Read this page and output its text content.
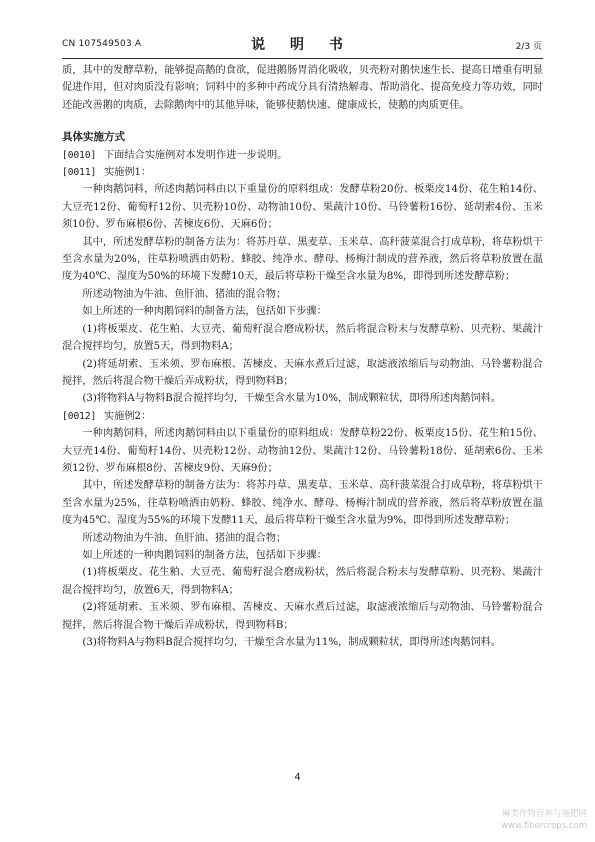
CN 107549503 A	说 明 书	2/3 页

质，其中的发酵草粉，能够提高鹅的食欲，促进鹅肠胃消化吸收，贝壳粉对鹅快速生长、提高日增重有明显促进作用，但对肉质没有影响；饲料中的多种中药成分具有清热解毒、帮助消化、提高免疫力等功效，同时还能改善鹅的肉质，去除鹅肉中的其他异味，能够使鹅快速、健康成长，使鹅的肉质更佳。

具体实施方式

[0010] 下面结合实施例对本发明作进一步说明。
[0011] 实施例1：

一种肉鹅饲料，所述肉鹅饲料由以下重量份的原料组成：发酵草粉20份、板栗皮14份、花生粕14份、大豆壳12份、葡萄籽12份、贝壳粉10份、动物油10份、果蔬汁10份、马铃薯粉16份、延胡索4份、玉米须10份、罗布麻根6份、苦楝皮6份、天麻6份；

其中，所述发酵草粉的制备方法为：将苏丹草、黑麦草、玉米草、高秆菠菜混合打成草粉，将草粉烘干至含水量为20%，往草粉喷洒由奶粉、蜂胶、纯净水、酵母、杨梅汁制成的营养液，然后将草粉放置在温度为40℃、湿度为50%的环境下发酵10天，最后将草粉干燥至含水量为8%，即得到所述发酵草粉；

所述动物油为牛油、鱼肝油、猪油的混合物；

如上所述的一种肉鹅饲料的制备方法，包括如下步骤：

(1)将板栗皮、花生粕、大豆壳、葡萄籽混合磨成粉状，然后将混合粉末与发酵草粉、贝壳粉、果蔬汁混合搅拌均匀，放置5天，得到物料A；

(2)将延胡索、玉米须、罗布麻根、苦楝皮、天麻水煮后过滤，取滤液浓缩后与动物油、马铃薯粉混合搅拌，然后将混合物干燥后弄成粉状，得到物料B；

(3)将物料A与物料B混合搅拌均匀，干燥至含水量为10%，制成颗粒状，即得所述肉鹅饲料。

[0012] 实施例2：

一种肉鹅饲料，所述肉鹅饲料由以下重量份的原料组成：发酵草粉22份、板栗皮15份、花生粕15份、大豆壳14份、葡萄籽14份、贝壳粉12份、动物油12份、果蔬汁12份、马铃薯粉18份、延胡索6份、玉米须12份、罗布麻根8份、苦楝皮9份、天麻9份；

其中，所述发酵草粉的制备方法为：将苏丹草、黑麦草、玉米草、高秆菠菜混合打成草粉，将草粉烘干至含水量为25%，往草粉喷洒由奶粉、蜂胶、纯净水、酵母、杨梅汁制成的营养液，然后将草粉放置在温度为45℃、湿度为55%的环境下发酵11天，最后将草粉干燥至含水量为9%，即得到所述发酵草粉；

所述动物油为牛油、鱼肝油、猪油的混合物；

如上所述的一种肉鹅饲料的制备方法，包括如下步骤：

(1)将板栗皮、花生粕、大豆壳、葡萄籽混合磨成粉状，然后将混合粉末与发酵草粉、贝壳粉、果蔬汁混合搅拌均匀，放置6天，得到物料A；

(2)将延胡索、玉米须、罗布麻根、苦楝皮、天麻水煮后过滤，取滤液浓缩后与动物油、马铃薯粉混合搅拌，然后将混合物干燥后弄成粉状，得到物料B；

(3)将物料A与物料B混合搅拌均匀，干燥至含水量为11%，制成颗粒状，即得所述肉鹅饲料。

4
麻类作物营养与施肥网
www.fibercrops.com
